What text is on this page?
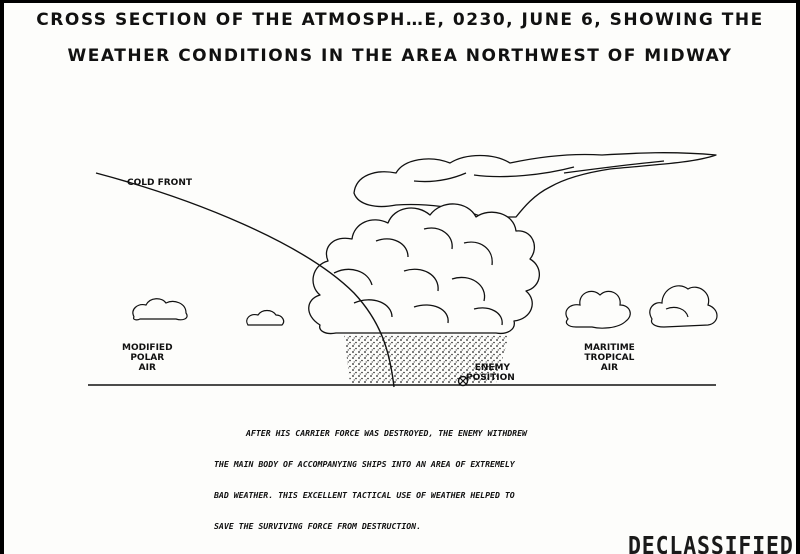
CROSS SECTION OF THE ATMOSPH…E, 0230, JUNE 6, SHOWING THE
WEATHER CONDITIONS IN THE AREA NORTHWEST OF MIDWAY
COLD FRONT
MODIFIED
POLAR
AIR	ENEMY
POSITION
MARITIME
TROPICAL
AIR
AFTER HIS CARRIER FORCE WAS DESTROYED, THE ENEMY WITHDREW
THE MAIN BODY OF ACCOMPANYING SHIPS INTO AN AREA OF EXTREMELY
BAD WEATHER. THIS EXCELLENT TACTICAL USE OF WEATHER HELPED TO
SAVE THE SURVIVING FORCE FROM DESTRUCTION.
DECLASSIFIED
